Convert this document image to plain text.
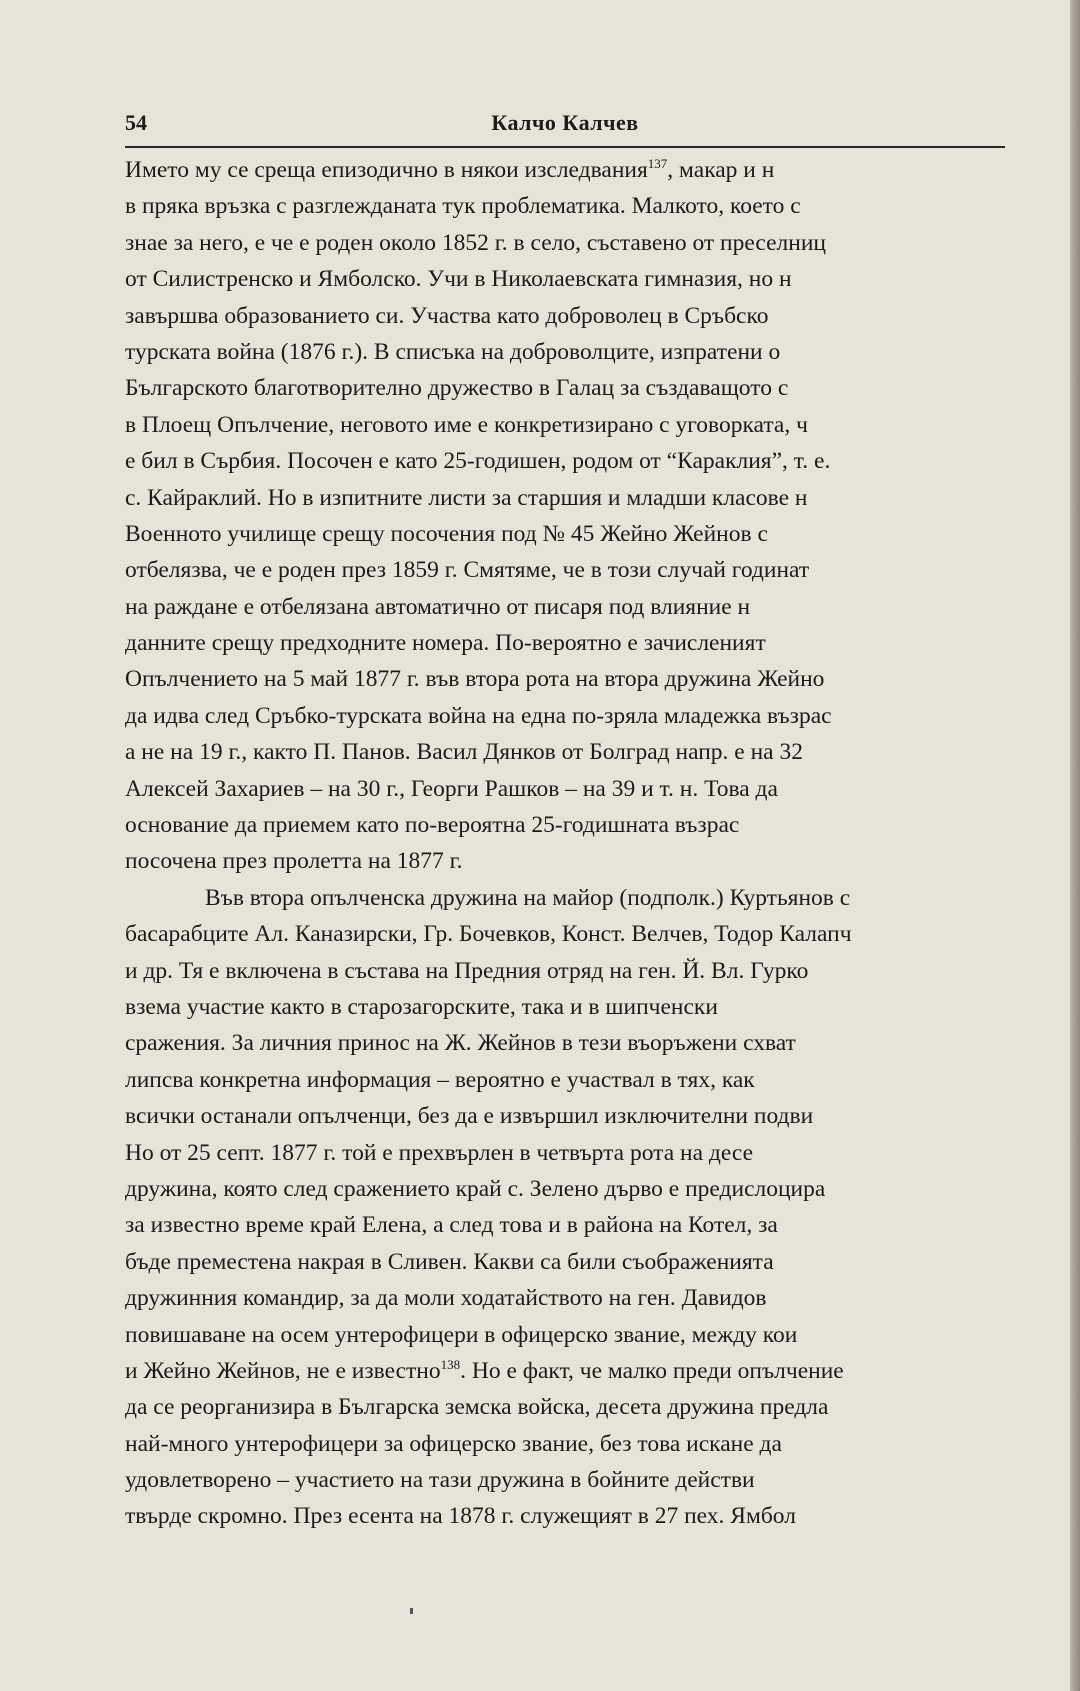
54	Калчо Калчев
Името му се среща епизодично в някои изследвания$^{137}$, макар и н
в пряка връзка с разглежданата тук проблематика. Малкото, което с
знае за него, е че е роден около 1852 г. в село, съставено от преселниц
от Силистренско и Ямболско. Учи в Николаевската гимназия, но н
завършва образованието си. Участва като доброволец в Сръбско
турската война (1876 г.). В списъка на доброволците, изпратени о
Българското благотворително дружество в Галац за създаващото с
в Плоещ Опълчение, неговото име е конкретизирано с уговорката, ч
е бил в Сърбия. Посочен е като 25-годишен, родом от “Караклия”, т. е.
с. Кайраклий. Но в изпитните листи за старшия и младши класове н
Военното училище срещу посочения под № 45 Жейно Жейнов с
отбелязва, че е роден през 1859 г. Смятяме, че в този случай годинат
на раждане е отбелязана автоматично от писаря под влияние н
данните срещу предходните номера. По-вероятно е зачисленият
Опълчението на 5 май 1877 г. във втора рота на втора дружина Жейно
да идва след Сръбко-турската война на една по-зряла младежка възрас
а не на 19 г., както П. Панов. Васил Дянков от Болград напр. е на 32
Алексей Захариев – на 30 г., Георги Рашков – на 39 и т. н. Това да
основание да приемем като по-вероятна 25-годишната възрас
посочена през пролетта на 1877 г.
Във втора опълченска дружина на майор (подполк.) Куртьянов с
басарабците Ал. Каназирски, Гр. Бочевков, Конст. Велчев, Тодор Калапч
и др. Тя е включена в състава на Предния отряд на ген. Й. Вл. Гурко
взема участие както в старозагорските, така и в шипченски
сражения. За личния принос на Ж. Жейнов в тези въоръжени схват
липсва конкретна информация – вероятно е участвал в тях, как
всички останали опълченци, без да е извършил изключителни подви
Но от 25 септ. 1877 г. той е прехвърлен в четвърта рота на десе
дружина, която след сражението край с. Зелено дърво е предислоцира
за известно време край Елена, а след това и в района на Котел, за
бъде преместена накрая в Сливен. Какви са били съображенията
дружинния командир, за да моли ходатайството на ген. Давидов
повишаване на осем унтерофицери в офицерско звание, между кои
и Жейно Жейнов, не е известно$^{138}$. Но е факт, че малко преди опълчение
да се реорганизира в Българска земска войска, десета дружина предла
най-много унтерофицери за офицерско звание, без това искане да
удовлетворено – участието на тази дружина в бойните действи
твърде скромно. През есента на 1878 г. служещият в 27 пех. Ямбол
